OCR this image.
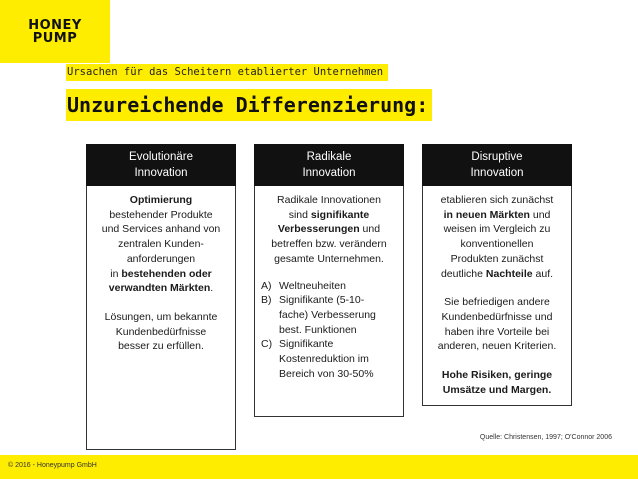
HONEY
PUMP
Ursachen für das Scheitern etablierter Unternehmen
Unzureichende Differenzierung:
Evolutionäre
Innovation

Optimierung

bestehender Produkte

und Services anhand von

zentralen Kunden-

anforderungen

in bestehenden oder

verwandten Märkten.

Lösungen, um bekannte

Kundenbedürfnisse

besser zu erfüllen.

Radikale
Innovation

Radikale Innovationen

sind signifikante

Verbesserungen und

betreffen bzw. verändern

gesamte Unternehmen.

A) Weltneuheiten
B) Signifikante (5-10-
fache) Verbesserung
best. Funktionen
C) Signifikante
Kostenreduktion im
Bereich von 30-50%
Disruptive
Innovation

etablieren sich zunächst

in neuen Märkten und

weisen im Vergleich zu

konventionellen

Produkten zunächst

deutliche Nachteile auf.

Sie befriedigen andere

Kundenbedürfnisse und

haben ihre Vorteile bei

anderen, neuen Kriterien.

Hohe Risiken, geringe

Umsätze und Margen.

Quelle: Christensen, 1997; O'Connor 2006
© 2016 - Honeypump GmbH
